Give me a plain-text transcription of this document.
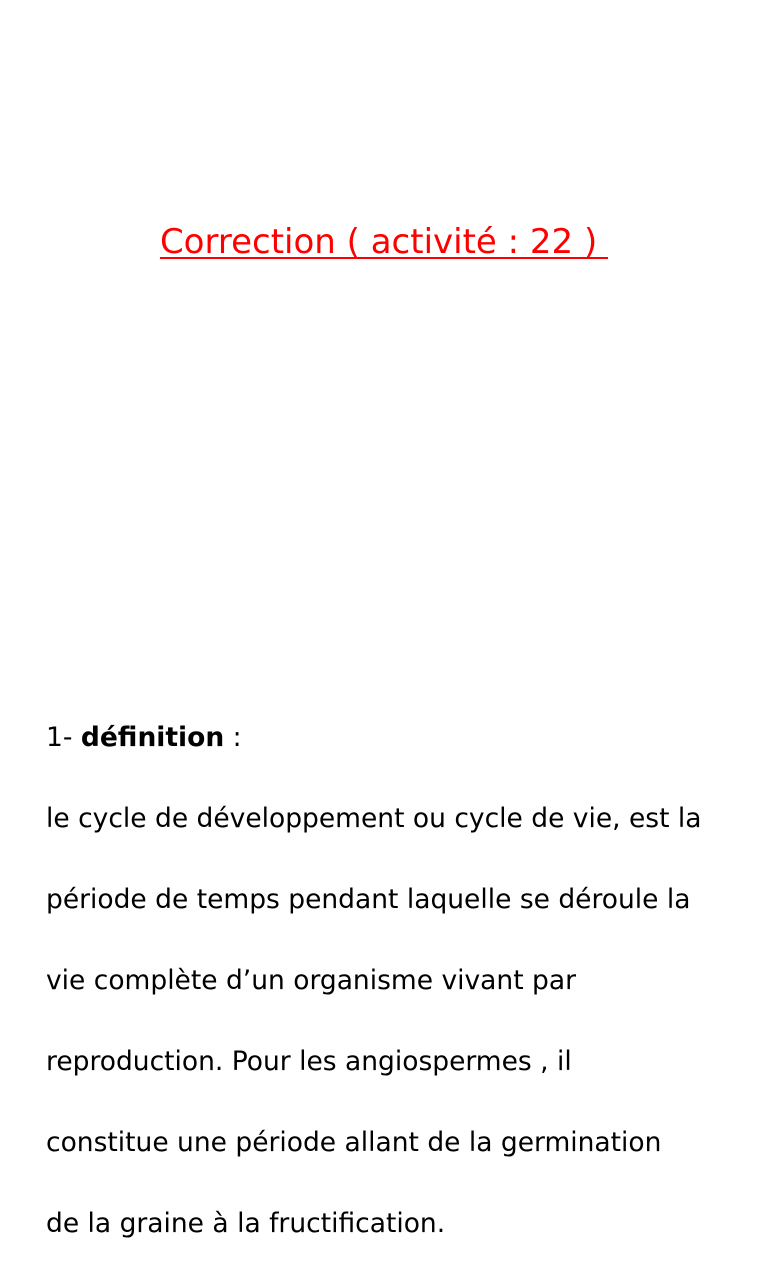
Correction ( activité : 22 )

1- définition :

le cycle de développement ou cycle de vie, est la

période de temps pendant laquelle se déroule la

vie complète d’un organisme vivant par

reproduction. Pour les angiospermes , il

constitue une période allant de la germination

de la graine à la fructification.
